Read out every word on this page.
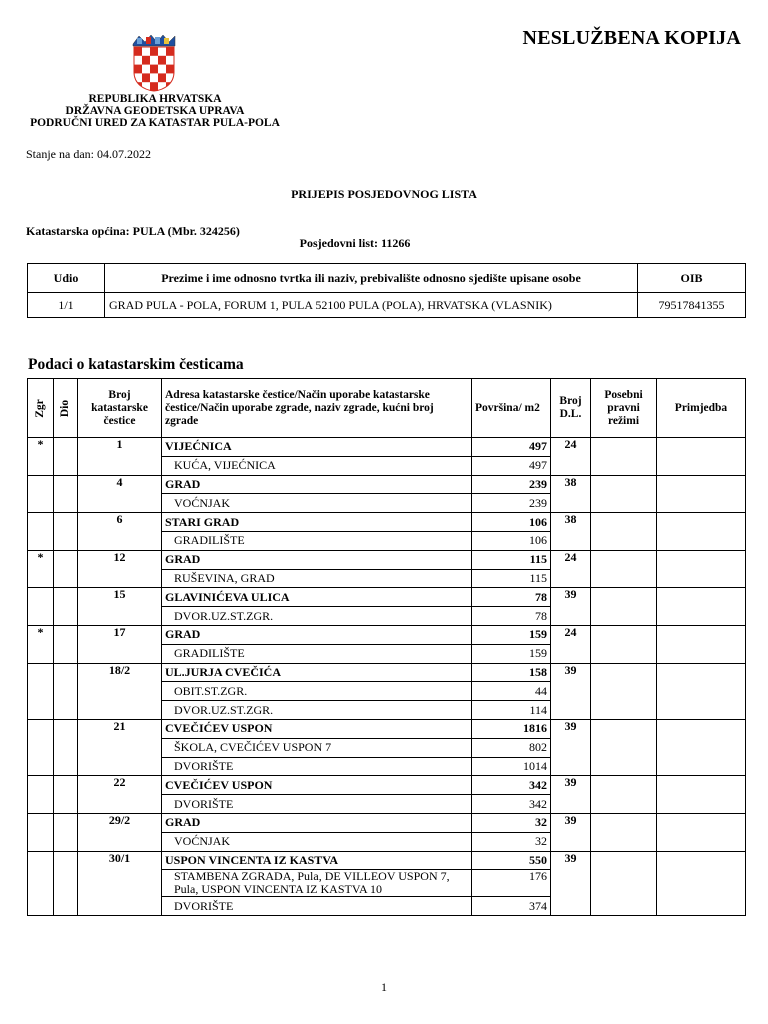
NESLUŽBENA KOPIJA
REPUBLIKA HRVATSKA
DRŽAVNA GEODETSKA UPRAVA
PODRUČNI URED ZA KATASTAR PULA-POLA
Stanje na dan: 04.07.2022
PRIJEPIS POSJEDOVNOG LISTA
Katastarska općina: PULA (Mbr. 324256)
Posjedovni list: 11266
Udio	Prezime i ime odnosno tvrtka ili naziv, prebivalište odnosno sjedište upisane osobe	OIB
1/1	GRAD PULA - POLA, FORUM 1, PULA 52100 PULA (POLA), HRVATSKA (VLASNIK)	79517841355
Podaci o katastarskim česticama
Zgr	Dio	Broj katastarske čestice	Adresa katastarske čestice/Način uporabe katastarske čestice/Način uporabe zgrade, naziv zgrade, kućni broj zgrade	Površina/ m2	Broj D.L.	Posebni pravni režimi	Primjedba
*		1	VIJEĆNICA	497	24		
			KUĆA, VIJEĆNICA	497			
		4	GRAD	239	38		
			VOĆNJAK	239			
		6	STARI GRAD	106	38		
			GRADILIŠTE	106			
*		12	GRAD	115	24		
			RUŠEVINA, GRAD	115			
		15	GLAVINIĆEVA ULICA	78	39		
			DVOR.UZ.ST.ZGR.	78			
*		17	GRAD	159	24		
			GRADILIŠTE	159			
		18/2	UL.JURJA CVEČIĆA	158	39		
			OBIT.ST.ZGR.	44			
			DVOR.UZ.ST.ZGR.	114			
		21	CVEČIĆEV USPON	1816	39		
			ŠKOLA, CVEČIĆEV USPON 7	802			
			DVORIŠTE	1014			
		22	CVEČIĆEV USPON	342	39		
			DVORIŠTE	342			
		29/2	GRAD	32	39		
			VOĆNJAK	32			
		30/1	USPON VINCENTA IZ KASTVA	550	39		
			STAMBENA ZGRADA, Pula, DE VILLEOV USPON 7, Pula, USPON VINCENTA IZ KASTVA 10	176			
			DVORIŠTE	374			
1
